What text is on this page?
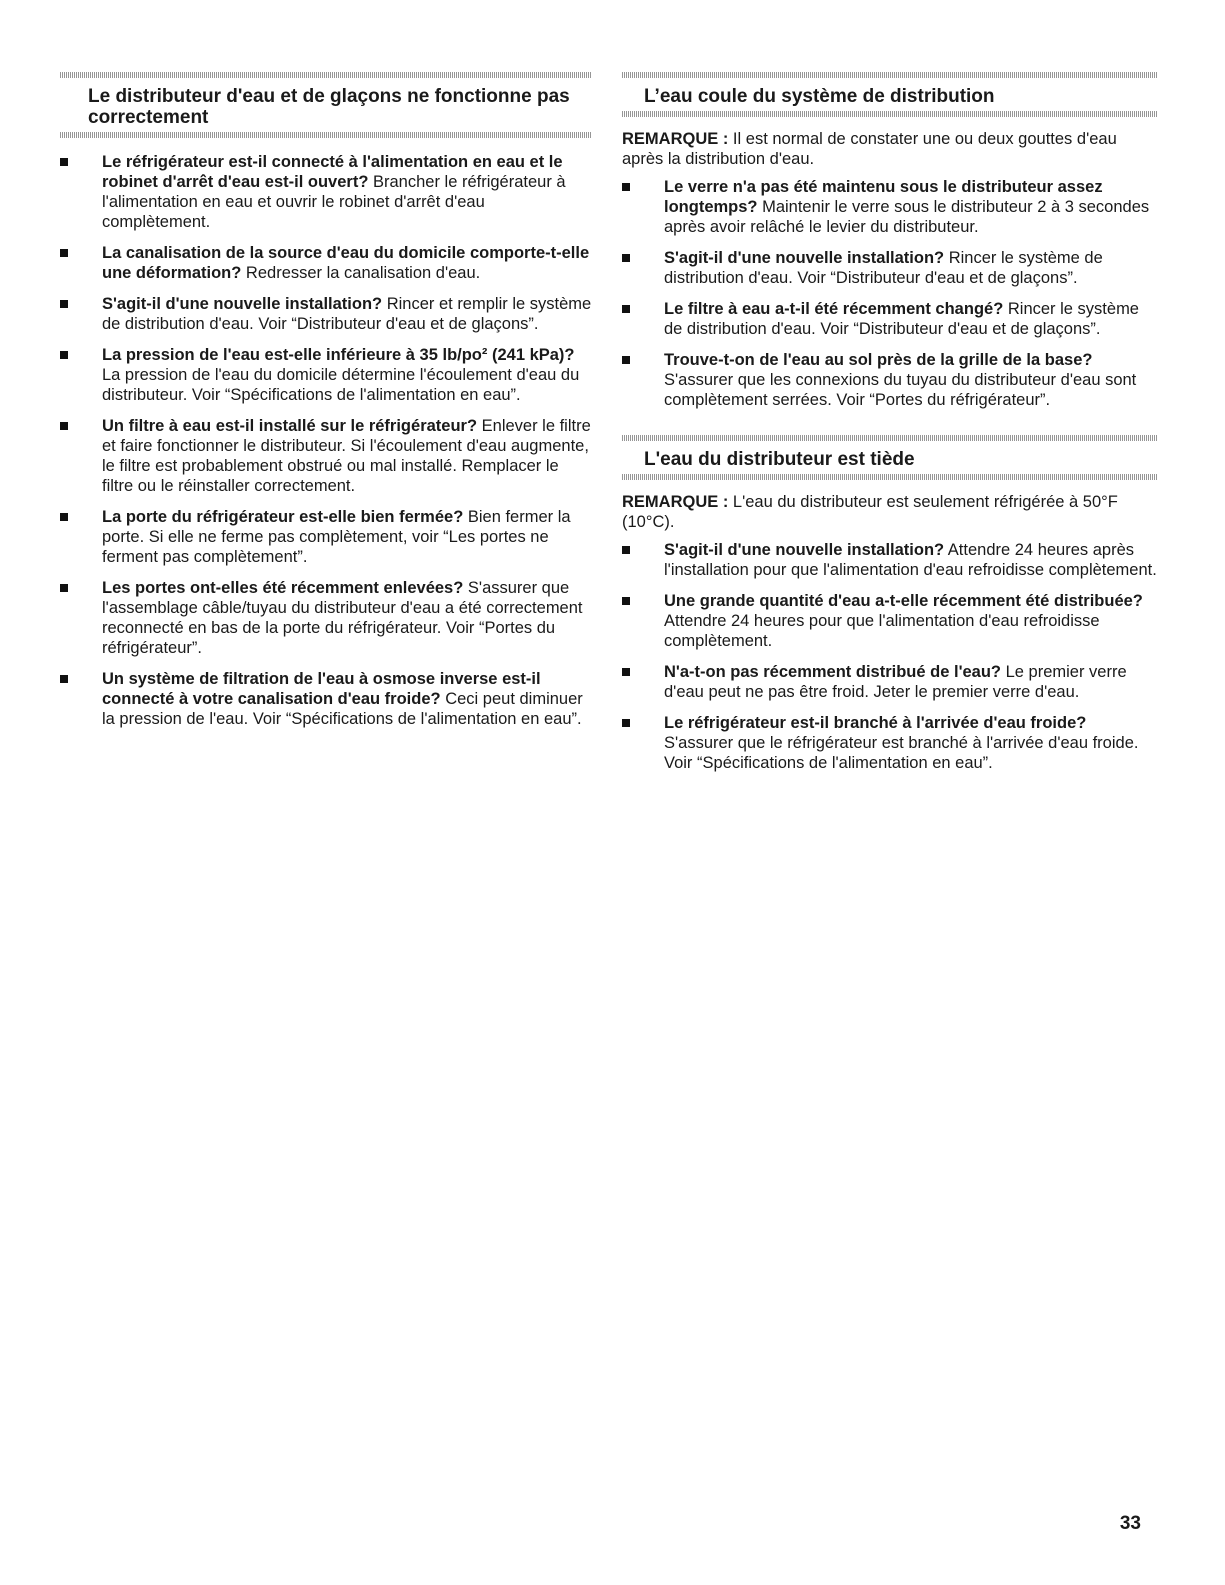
Le distributeur d'eau et de glaçons ne fonctionne pas correctement
Le réfrigérateur est-il connecté à l'alimentation en eau et le robinet d'arrêt d'eau est-il ouvert? Brancher le réfrigérateur à l'alimentation en eau et ouvrir le robinet d'arrêt d'eau complètement.
La canalisation de la source d'eau du domicile comporte-t-elle une déformation? Redresser la canalisation d'eau.
S'agit-il d'une nouvelle installation? Rincer et remplir le système de distribution d'eau. Voir “Distributeur d'eau et de glaçons”.
La pression de l'eau est-elle inférieure à 35 lb/po² (241 kPa)? La pression de l'eau du domicile détermine l'écoulement d'eau du distributeur. Voir “Spécifications de l'alimentation en eau”.
Un filtre à eau est-il installé sur le réfrigérateur? Enlever le filtre et faire fonctionner le distributeur. Si l'écoulement d'eau augmente, le filtre est probablement obstrué ou mal installé. Remplacer le filtre ou le réinstaller correctement.
La porte du réfrigérateur est-elle bien fermée? Bien fermer la porte. Si elle ne ferme pas complètement, voir “Les portes ne ferment pas complètement”.
Les portes ont-elles été récemment enlevées? S'assurer que l'assemblage câble/tuyau du distributeur d'eau a été correctement reconnecté en bas de la porte du réfrigérateur. Voir “Portes du réfrigérateur”.
Un système de filtration de l'eau à osmose inverse est-il connecté à votre canalisation d'eau froide? Ceci peut diminuer la pression de l'eau. Voir “Spécifications de l'alimentation en eau”.
L’eau coule du système de distribution

REMARQUE : Il est normal de constater une ou deux gouttes d'eau après la distribution d'eau.

Le verre n'a pas été maintenu sous le distributeur assez longtemps? Maintenir le verre sous le distributeur 2 à 3 secondes après avoir relâché le levier du distributeur.
S'agit-il d'une nouvelle installation? Rincer le système de distribution d'eau. Voir “Distributeur d'eau et de glaçons”.
Le filtre à eau a-t-il été récemment changé? Rincer le système de distribution d'eau. Voir “Distributeur d'eau et de glaçons”.
Trouve-t-on de l'eau au sol près de la grille de la base? S'assurer que les connexions du tuyau du distributeur d'eau sont complètement serrées. Voir “Portes du réfrigérateur”.
L'eau du distributeur est tiède

REMARQUE : L'eau du distributeur est seulement réfrigérée à 50°F (10°C).

S'agit-il d'une nouvelle installation? Attendre 24 heures après l'installation pour que l'alimentation d'eau refroidisse complètement.
Une grande quantité d'eau a-t-elle récemment été distribuée? Attendre 24 heures pour que l'alimentation d'eau refroidisse complètement.
N'a-t-on pas récemment distribué de l'eau? Le premier verre d'eau peut ne pas être froid. Jeter le premier verre d'eau.
Le réfrigérateur est-il branché à l'arrivée d'eau froide? S'assurer que le réfrigérateur est branché à l'arrivée d'eau froide. Voir “Spécifications de l'alimentation en eau”.
33
